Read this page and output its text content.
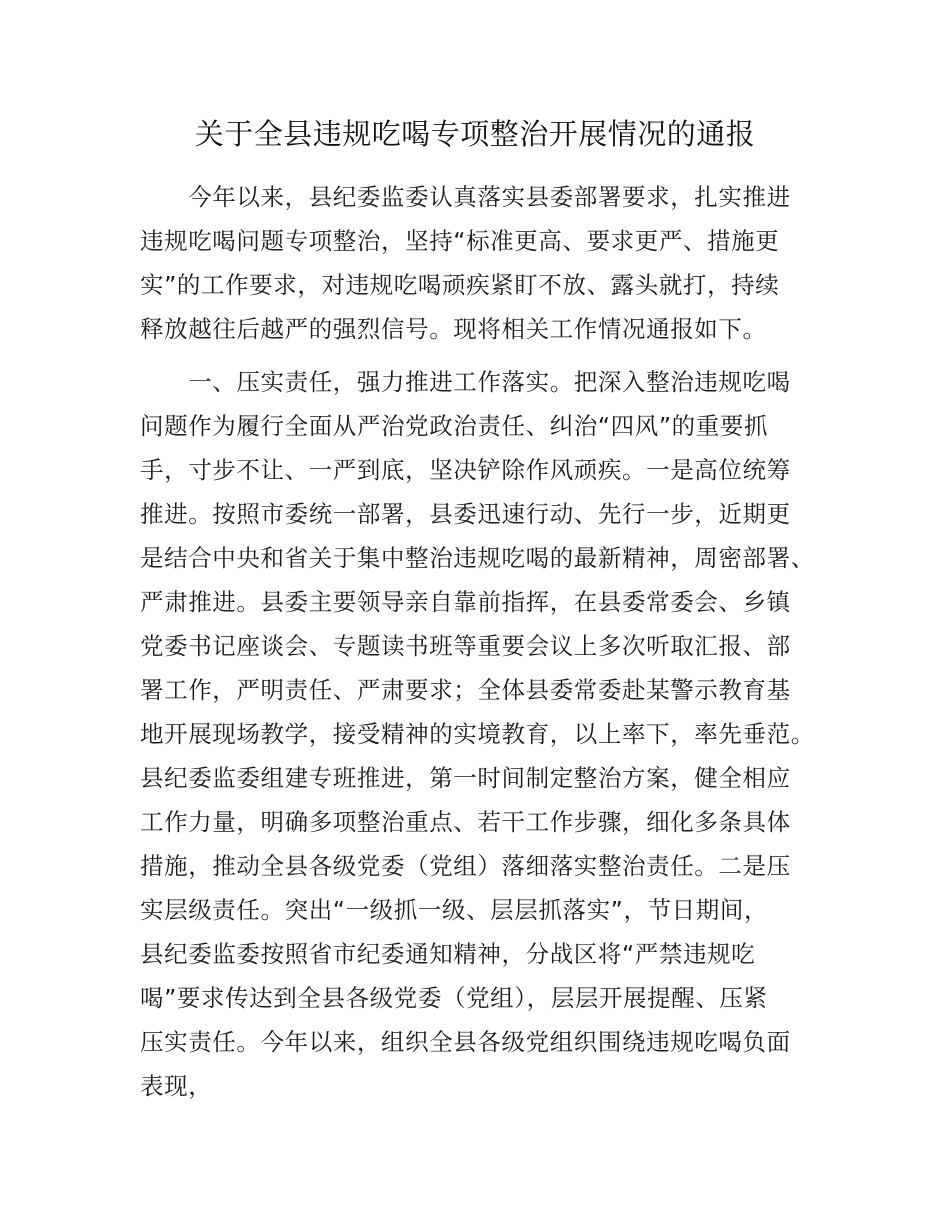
关于全县违规吃喝专项整治开展情况的通报
　　今年以来，县纪委监委认真落实县委部署要求，扎实推进
违规吃喝问题专项整治，坚持“标准更高、要求更严、措施更
实”的工作要求，对违规吃喝顽疾紧盯不放、露头就打，持续
释放越往后越严的强烈信号。现将相关工作情况通报如下。
　　一、压实责任，强力推进工作落实。把深入整治违规吃喝
问题作为履行全面从严治党政治责任、纠治“四风”的重要抓
手，寸步不让、一严到底，坚决铲除作风顽疾。一是高位统筹
推进。按照市委统一部署，县委迅速行动、先行一步，近期更
是结合中央和省关于集中整治违规吃喝的最新精神，周密部署、
严肃推进。县委主要领导亲自靠前指挥，在县委常委会、乡镇
党委书记座谈会、专题读书班等重要会议上多次听取汇报、部
署工作，严明责任、严肃要求；全体县委常委赴某警示教育基
地开展现场教学，接受精神的实境教育，以上率下，率先垂范。
县纪委监委组建专班推进，第一时间制定整治方案，健全相应
工作力量，明确多项整治重点、若干工作步骤，细化多条具体
措施，推动全县各级党委（党组）落细落实整治责任。二是压
实层级责任。突出“一级抓一级、层层抓落实”，节日期间，
县纪委监委按照省市纪委通知精神，分战区将“严禁违规吃
喝”要求传达到全县各级党委（党组），层层开展提醒、压紧
压实责任。今年以来，组织全县各级党组织围绕违规吃喝负面
表现，
